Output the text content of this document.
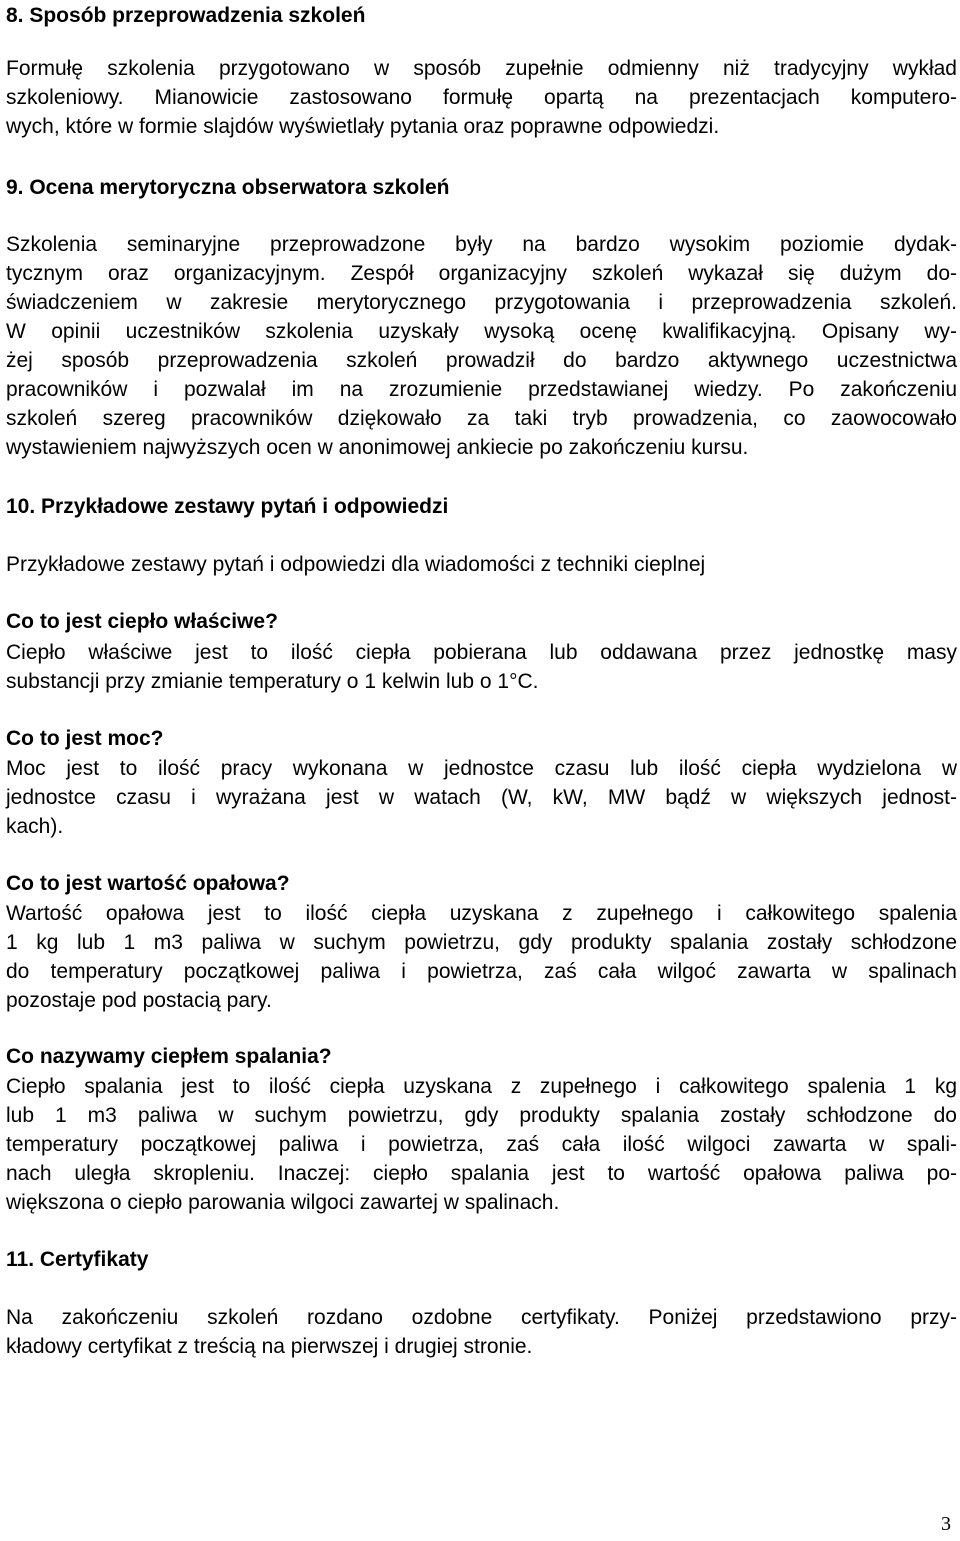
8. Sposób przeprowadzenia szkoleń
Formułę szkolenia przygotowano w sposób zupełnie odmienny niż tradycyjny wykład
szkoleniowy. Mianowicie zastosowano formułę opartą na prezentacjach komputero-
wych, które w formie slajdów wyświetlały pytania oraz poprawne odpowiedzi.
9. Ocena merytoryczna obserwatora szkoleń
Szkolenia seminaryjne przeprowadzone były na bardzo wysokim poziomie dydak-
tycznym oraz organizacyjnym. Zespół organizacyjny szkoleń wykazał się dużym do-
świadczeniem w zakresie merytorycznego przygotowania i przeprowadzenia szkoleń.
W opinii uczestników szkolenia uzyskały wysoką ocenę kwalifikacyjną. Opisany wy-
żej sposób przeprowadzenia szkoleń prowadził do bardzo aktywnego uczestnictwa
pracowników i pozwalał im na zrozumienie przedstawianej wiedzy. Po zakończeniu
szkoleń szereg pracowników dziękowało za taki tryb prowadzenia, co zaowocowało
wystawieniem najwyższych ocen w anonimowej ankiecie po zakończeniu kursu.
10. Przykładowe zestawy pytań i odpowiedzi
Przykładowe zestawy pytań i odpowiedzi dla wiadomości z techniki cieplnej
Co to jest ciepło właściwe?
Ciepło właściwe jest to ilość ciepła pobierana lub oddawana przez jednostkę masy
substancji przy zmianie temperatury o 1 kelwin lub o 1°C.
Co to jest moc?
Moc jest to ilość pracy wykonana w jednostce czasu lub ilość ciepła wydzielona w
jednostce czasu i wyrażana jest w watach (W, kW, MW bądź w większych jednost-
kach).
Co to jest wartość opałowa?
Wartość opałowa jest to ilość ciepła uzyskana z zupełnego i całkowitego spalenia
1 kg lub 1 m3 paliwa w suchym powietrzu, gdy produkty spalania zostały schłodzone
do temperatury początkowej paliwa i powietrza, zaś cała wilgoć zawarta w spalinach
pozostaje pod postacią pary.
Co nazywamy ciepłem spalania?
Ciepło spalania jest to ilość ciepła uzyskana z zupełnego i całkowitego spalenia 1 kg
lub 1 m3 paliwa w suchym powietrzu, gdy produkty spalania zostały schłodzone do
temperatury początkowej paliwa i powietrza, zaś cała ilość wilgoci zawarta w spali-
nach uległa skropleniu. Inaczej: ciepło spalania jest to wartość opałowa paliwa po-
większona o ciepło parowania wilgoci zawartej w spalinach.
11. Certyfikaty
Na zakończeniu szkoleń rozdano ozdobne certyfikaty. Poniżej przedstawiono przy-
kładowy certyfikat z treścią na pierwszej i drugiej stronie.
3
